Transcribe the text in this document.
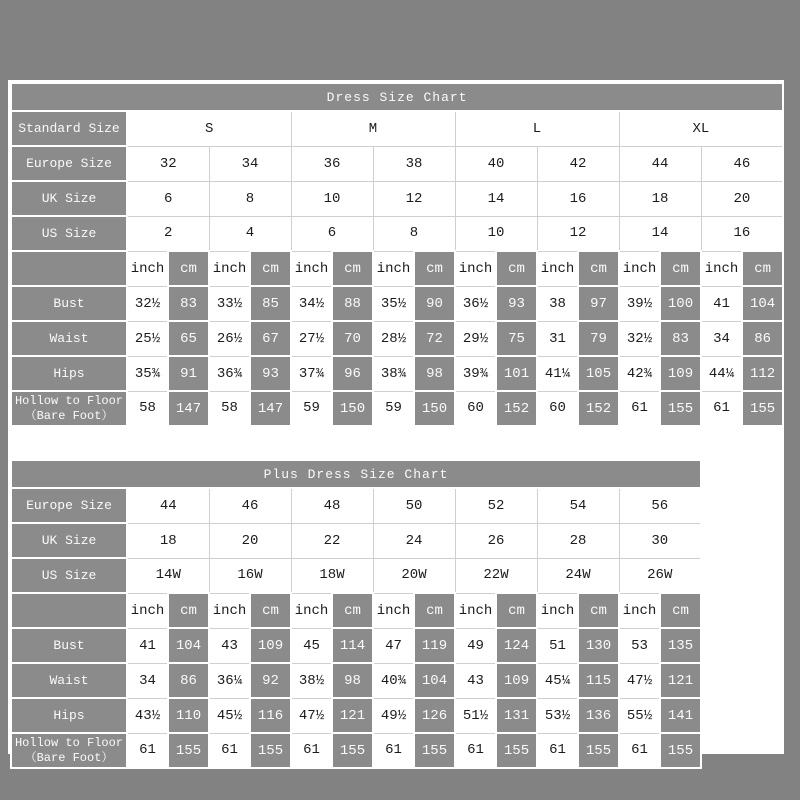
Dress Size Chart																
Standard Size	S				M				L				XL			
Europe Size	32		34		36		38		40		42		44		46	
UK Size	6		8		10		12		14		16		18		20	
US Size	2		4		6		8		10		12		14		16	
	inch	cm	inch	cm	inch	cm	inch	cm	inch	cm	inch	cm	inch	cm	inch	cm

Bust	32½	83	33½	85	34½	88	35½	90	36½	93	38	97	39½	100	41	104

Waist	25½	65	26½	67	27½	70	28½	72	29½	75	31	79	32½	83	34	86

Hips	35¾	91	36¾	93	37¾	96	38¾	98	39¾	101	41¼	105	42¾	109	44¼	112

Hollow to Floor
（Bare Foot）	58	147	58	147	59	150	59	150	60	152	60	152	61	155	61	155
Plus Dress Size Chart														
Europe Size	44		46		48		50		52		54		56	
UK Size	18		20		22		24		26		28		30	
US Size	14W		16W		18W		20W		22W		24W		26W	
	inch	cm	inch	cm	inch	cm	inch	cm	inch	cm	inch	cm	inch	cm

Bust	41	104	43	109	45	114	47	119	49	124	51	130	53	135

Waist	34	86	36¼	92	38½	98	40¾	104	43	109	45¼	115	47½	121

Hips	43½	110	45½	116	47½	121	49½	126	51½	131	53½	136	55½	141

Hollow to Floor
（Bare Foot）	61	155	61	155	61	155	61	155	61	155	61	155	61	155
